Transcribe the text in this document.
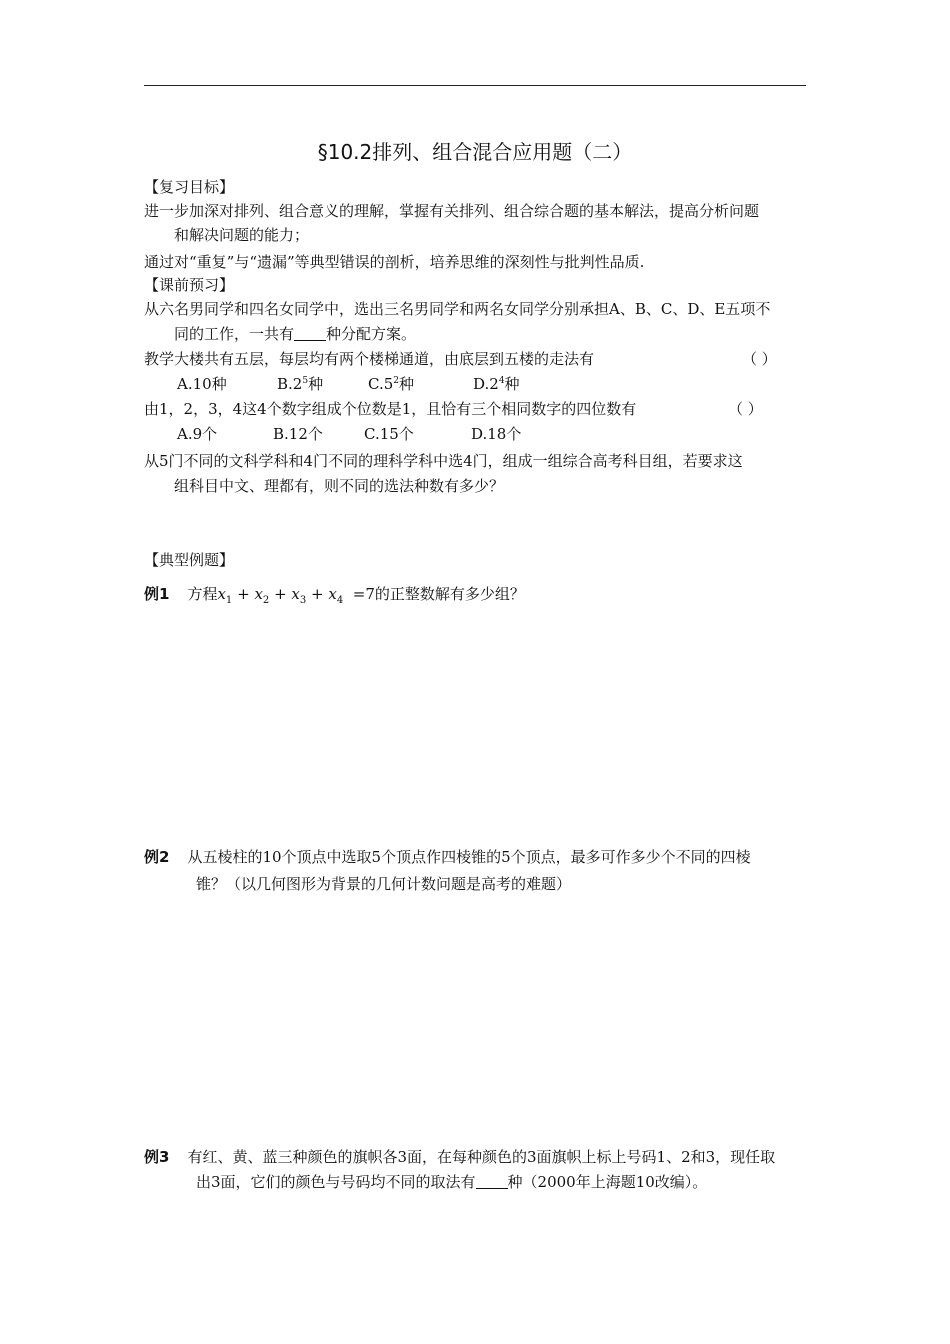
§10.2排列、组合混合应用题（二）
【复习目标】
进一步加深对排列、组合意义的理解，掌握有关排列、组合综合题的基本解法，提高分析问题
和解决问题的能力；
通过对“重复”与“遗漏”等典型错误的剖析，培养思维的深刻性与批判性品质.
【课前预习】
从六名男同学和四名女同学中，选出三名男同学和两名女同学分别承担A、B、C、D、E五项不
同的工作，一共有 种分配方案。
教学大楼共有五层，每层均有两个楼梯通道，由底层到五楼的走法有	（ ）
A.10种	$B.2^5$种	$C.5^2$种	$D.2^4$种
由1，2，3，4这4个数字组成个位数是1，且恰有三个相同数字的四位数有	（ ）
A.9个	B.12个	C.15个	D.18个
从5门不同的文科学科和4门不同的理科学科中选4门，组成一组综合高考科目组，若要求这
组科目中文、理都有，则不同的选法种数有多少？
【典型例题】
例1 方程$x_1 + x_2 + x_3 + x_4 =7$的正整数解有多少组？
例2 从五棱柱的10个顶点中选取5个顶点作四棱锥的5个顶点，最多可作多少个不同的四棱
锥？（以几何图形为背景的几何计数问题是高考的难题）
例3 有红、黄、蓝三种颜色的旗帜各3面，在每种颜色的3面旗帜上标上号码1、2和3，现任取
出3面，它们的颜色与号码均不同的取法有 种（2000年上海题10改编）。
